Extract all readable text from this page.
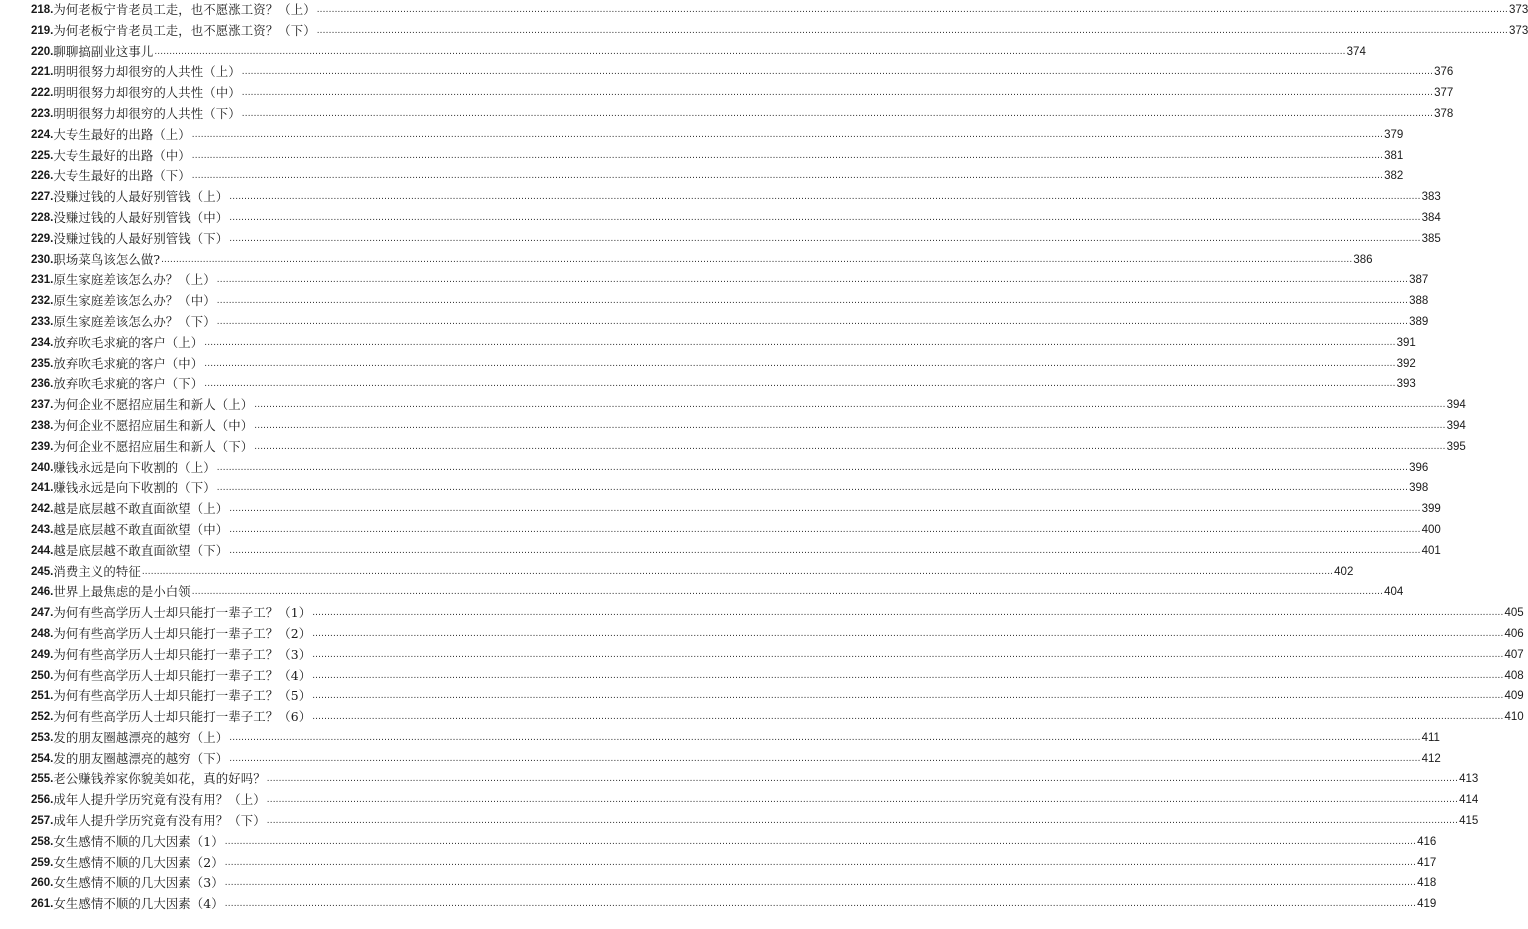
218. 为何老板宁肯老员工走，也不愿涨工资？（上） ................................................................................................................................................................................................................................................................................................................................................................................................................ 373
219. 为何老板宁肯老员工走，也不愿涨工资？（下） ................................................................................................................................................................................................................................................................................................................................................................................................................ 373
220. 聊聊搞副业这事儿 ................................................................................................................................................................................................................................................................................................................................................................................................................ 374
221. 明明很努力却很穷的人共性（上） ................................................................................................................................................................................................................................................................................................................................................................................................................ 376
222. 明明很努力却很穷的人共性（中） ................................................................................................................................................................................................................................................................................................................................................................................................................ 377
223. 明明很努力却很穷的人共性（下） ................................................................................................................................................................................................................................................................................................................................................................................................................ 378
224. 大专生最好的出路（上） ................................................................................................................................................................................................................................................................................................................................................................................................................ 379
225. 大专生最好的出路（中） ................................................................................................................................................................................................................................................................................................................................................................................................................ 381
226. 大专生最好的出路（下） ................................................................................................................................................................................................................................................................................................................................................................................................................ 382
227. 没赚过钱的人最好别管钱（上） ................................................................................................................................................................................................................................................................................................................................................................................................................ 383
228. 没赚过钱的人最好别管钱（中） ................................................................................................................................................................................................................................................................................................................................................................................................................ 384
229. 没赚过钱的人最好别管钱（下） ................................................................................................................................................................................................................................................................................................................................................................................................................ 385
230. 职场菜鸟该怎么做? ................................................................................................................................................................................................................................................................................................................................................................................................................ 386
231. 原生家庭差该怎么办？（上） ................................................................................................................................................................................................................................................................................................................................................................................................................ 387
232. 原生家庭差该怎么办？（中） ................................................................................................................................................................................................................................................................................................................................................................................................................ 388
233. 原生家庭差该怎么办？（下） ................................................................................................................................................................................................................................................................................................................................................................................................................ 389
234. 放弃吹毛求疵的客户（上） ................................................................................................................................................................................................................................................................................................................................................................................................................ 391
235. 放弃吹毛求疵的客户（中） ................................................................................................................................................................................................................................................................................................................................................................................................................ 392
236. 放弃吹毛求疵的客户（下） ................................................................................................................................................................................................................................................................................................................................................................................................................ 393
237. 为何企业不愿招应届生和新人（上） ................................................................................................................................................................................................................................................................................................................................................................................................................ 394
238. 为何企业不愿招应届生和新人（中） ................................................................................................................................................................................................................................................................................................................................................................................................................ 394
239. 为何企业不愿招应届生和新人（下） ................................................................................................................................................................................................................................................................................................................................................................................................................ 395
240. 赚钱永远是向下收割的（上） ................................................................................................................................................................................................................................................................................................................................................................................................................ 396
241. 赚钱永远是向下收割的（下） ................................................................................................................................................................................................................................................................................................................................................................................................................ 398
242. 越是底层越不敢直面欲望（上） ................................................................................................................................................................................................................................................................................................................................................................................................................ 399
243. 越是底层越不敢直面欲望（中） ................................................................................................................................................................................................................................................................................................................................................................................................................ 400
244. 越是底层越不敢直面欲望（下） ................................................................................................................................................................................................................................................................................................................................................................................................................ 401
245. 消费主义的特征 ................................................................................................................................................................................................................................................................................................................................................................................................................ 402
246. 世界上最焦虑的是小白领 ................................................................................................................................................................................................................................................................................................................................................................................................................ 404
247. 为何有些高学历人士却只能打一辈子工？（1） ................................................................................................................................................................................................................................................................................................................................................................................................................ 405
248. 为何有些高学历人士却只能打一辈子工？（2） ................................................................................................................................................................................................................................................................................................................................................................................................................ 406
249. 为何有些高学历人士却只能打一辈子工？（3） ................................................................................................................................................................................................................................................................................................................................................................................................................ 407
250. 为何有些高学历人士却只能打一辈子工？（4） ................................................................................................................................................................................................................................................................................................................................................................................................................ 408
251. 为何有些高学历人士却只能打一辈子工？（5） ................................................................................................................................................................................................................................................................................................................................................................................................................ 409
252. 为何有些高学历人士却只能打一辈子工？（6） ................................................................................................................................................................................................................................................................................................................................................................................................................ 410
253. 发的朋友圈越漂亮的越穷（上） ................................................................................................................................................................................................................................................................................................................................................................................................................ 411
254. 发的朋友圈越漂亮的越穷（下） ................................................................................................................................................................................................................................................................................................................................................................................................................ 412
255. 老公赚钱养家你貌美如花，真的好吗？ ................................................................................................................................................................................................................................................................................................................................................................................................................ 413
256. 成年人提升学历究竟有没有用？（上） ................................................................................................................................................................................................................................................................................................................................................................................................................ 414
257. 成年人提升学历究竟有没有用？（下） ................................................................................................................................................................................................................................................................................................................................................................................................................ 415
258. 女生感情不顺的几大因素（1） ................................................................................................................................................................................................................................................................................................................................................................................................................ 416
259. 女生感情不顺的几大因素（2） ................................................................................................................................................................................................................................................................................................................................................................................................................ 417
260. 女生感情不顺的几大因素（3） ................................................................................................................................................................................................................................................................................................................................................................................................................ 418
261. 女生感情不顺的几大因素（4） ................................................................................................................................................................................................................................................................................................................................................................................................................ 419
